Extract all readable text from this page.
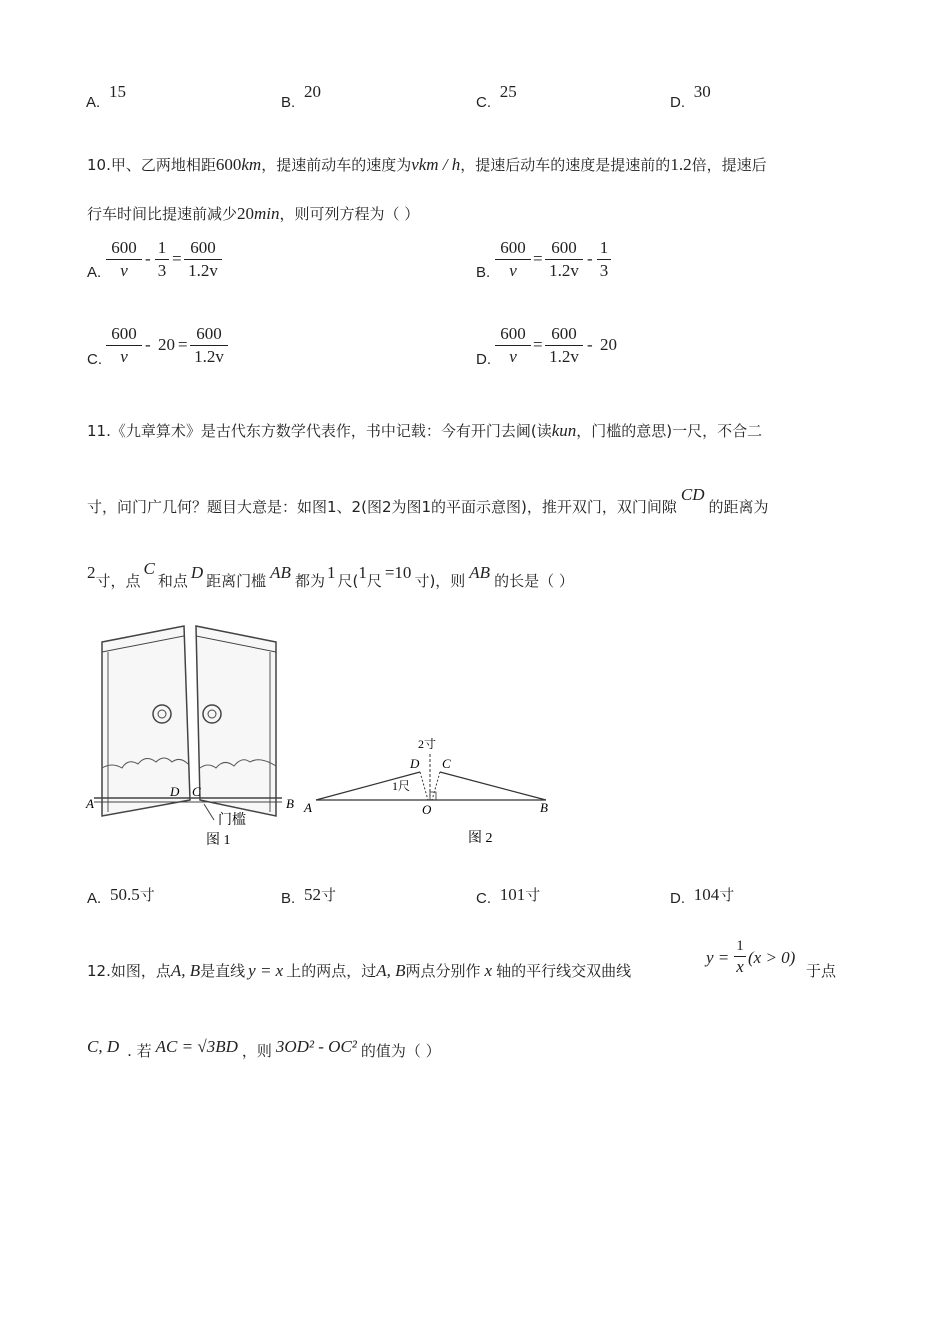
A. 15
B. 20
C. 25
D. 30
10.甲、乙两地相距600km，提速前动车的速度为vkm / h，提速后动车的速度是提速前的1.2倍，提速后
行车时间比提速前减少20min，则可列方程为（ ）
A. $\frac{600}{v} - \frac{1}{3} = \frac{600}{1.2v}$	B. $\frac{600}{v} = \frac{600}{1.2v} - \frac{1}{3}$
C. $\frac{600}{v} - 20 = \frac{600}{1.2v}$	D. $\frac{600}{v} = \frac{600}{1.2v} - 20$
11.《九章算术》是古代东方数学代表作，书中记载：今有开门去阃(读kun，门槛的意思)一尺，不合二
寸，问门广几何？题目大意是：如图1、2(图2为图1的平面示意图)，推开双门，双门间隙CD的距离为
2寸，点C和点 D 距离门槛 AB 都为 1 尺(1尺 =10 寸)，则 AB 的长是（ ）
A	B
D C
门槛
图 1
A	B
D C
O
2寸
1尺
图 2
A. 50.5寸	B. 52寸	C. 101寸	D. 104寸
12.如图，点A, B是直线 y = x 上的两点，过A, B两点分别作 x 轴的平行线交双曲线
$y = \frac{1}{x} (x > 0)$
于点
C, D . 若 AC = √3BD ，则 3OD² - OC² 的值为（ ）
